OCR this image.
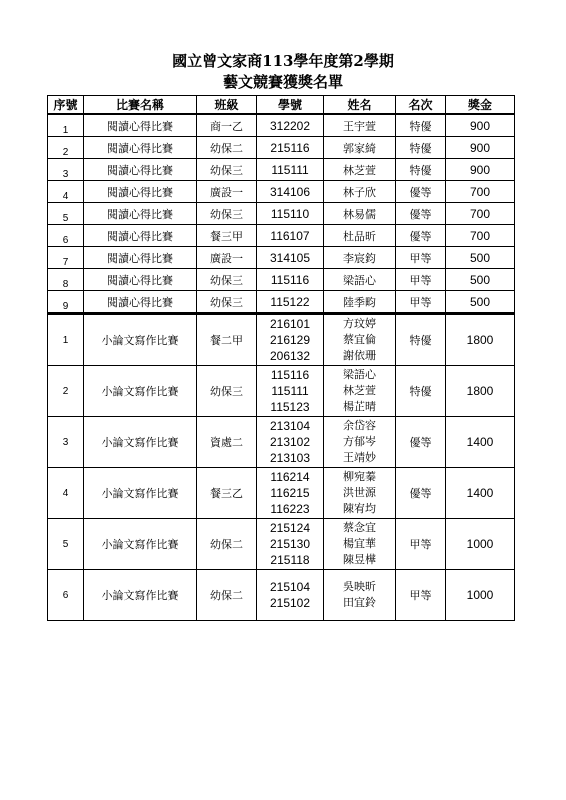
國立曾文家商113學年度第2學期
藝文競賽獲獎名單
序號	比賽名稱	班級	學號	姓名	名次	獎金
1	閱讀心得比賽	商一乙	312202	王宇萱	特優	900
2	閱讀心得比賽	幼保二	215116	郭家綺	特優	900
3	閱讀心得比賽	幼保三	115111	林芝萱	特優	900
4	閱讀心得比賽	廣設一	314106	林子欣	優等	700
5	閱讀心得比賽	幼保三	115110	林易儒	優等	700
6	閱讀心得比賽	餐三甲	116107	杜品昕	優等	700
7	閱讀心得比賽	廣設一	314105	李宸鈞	甲等	500
8	閱讀心得比賽	幼保三	115116	梁語心	甲等	500
9	閱讀心得比賽	幼保三	115122	陸季畇	甲等	500
1	小論文寫作比賽	餐二甲	216101
216129
206132	方玟婷
蔡宜倫
謝依珊	特優	1800
2	小論文寫作比賽	幼保三	115116
115111
115123	梁語心
林芝萱
楊芷晴	特優	1800
3	小論文寫作比賽	資處二	213104
213102
213103	余岱容
方郁岑
王靖妙	優等	1400
4	小論文寫作比賽	餐三乙	116214
116215
116223	柳宛蓁
洪世源
陳宥均	優等	1400
5	小論文寫作比賽	幼保二	215124
215130
215118	蔡念宜
楊宜華
陳昱樺	甲等	1000
6	小論文寫作比賽	幼保二	215104
215102	吳映昕
田宜鈴	甲等	1000
